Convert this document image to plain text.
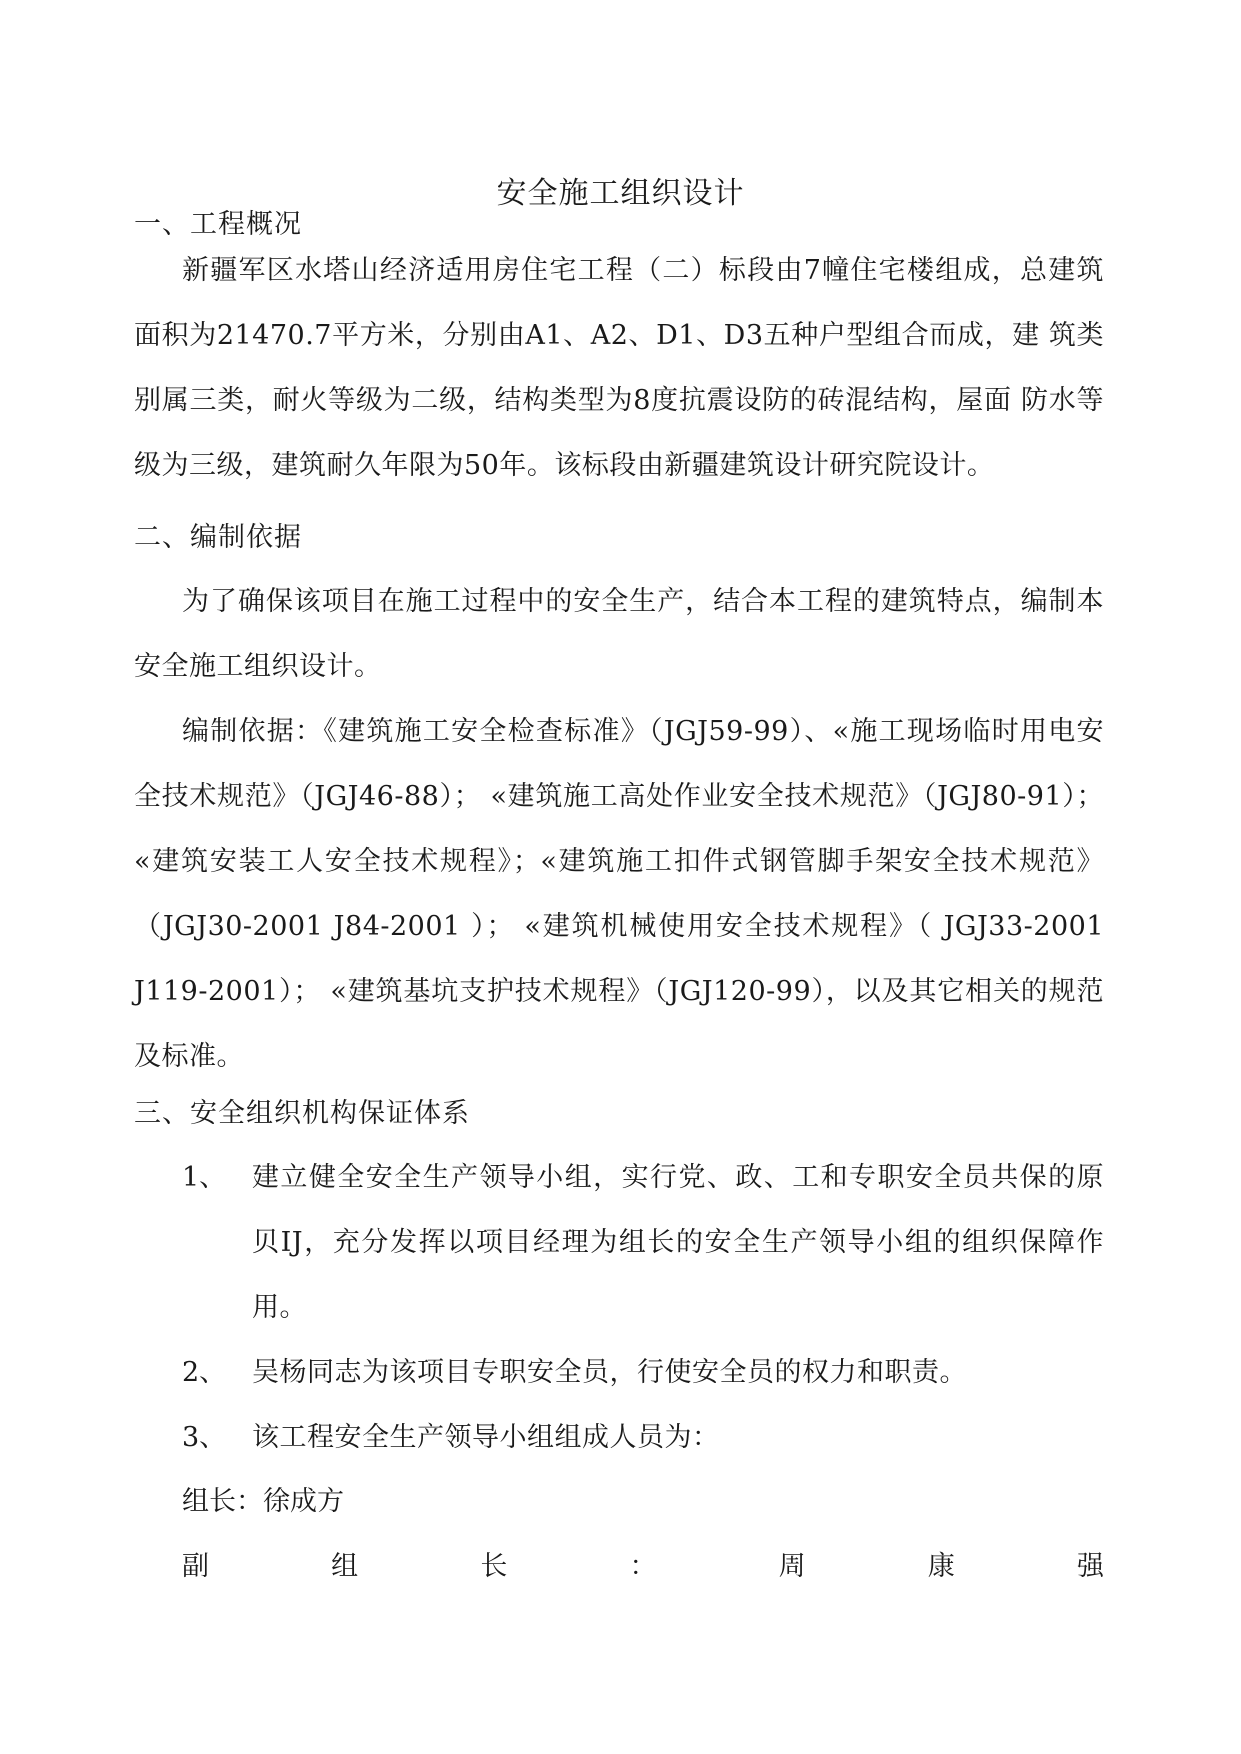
安全施工组织设计
一、工程概况

新疆军区水塔山经济适用房住宅工程（二）标段由7幢住宅楼组成，总建筑面积为21470.7平方米，分别由A1、A2、D1、D3五种户型组合而成，建 筑类别属三类，耐火等级为二级，结构类型为8度抗震设防的砖混结构，屋面 防水等级为三级，建筑耐久年限为50年。该标段由新疆建筑设计研究院设计。

二、编制依据

为了确保该项目在施工过程中的安全生产，结合本工程的建筑特点，编制本安全施工组织设计。

编制依据：《建筑施工安全检查标准》（JGJ59-99）、«施工现场临时用电安全技术规范》（JGJ46-88）； «建筑施工高处作业安全技术规范》（JGJ80-91）； «建筑安装工人安全技术规程》；«建筑施工扣件式钢管脚手架安全技术规范》（JGJ30-2001 J84-2001 ）； «建筑机械使用安全技术规程》（ JGJ33-2001 J119-2001）； «建筑基坑支护技术规程》（JGJ120-99），以及其它相关的规范及标准。

三、安全组织机构保证体系
1、 建立健全安全生产领导小组，实行党、政、工和专职安全员共保的原贝IJ，充分发挥以项目经理为组长的安全生产领导小组的组织保障作用。
2、 吴杨同志为该项目专职安全员，行使安全员的权力和职责。
3、 该工程安全生产领导小组组成人员为：
组长：徐成方
副	组	长	：	周	康	强
